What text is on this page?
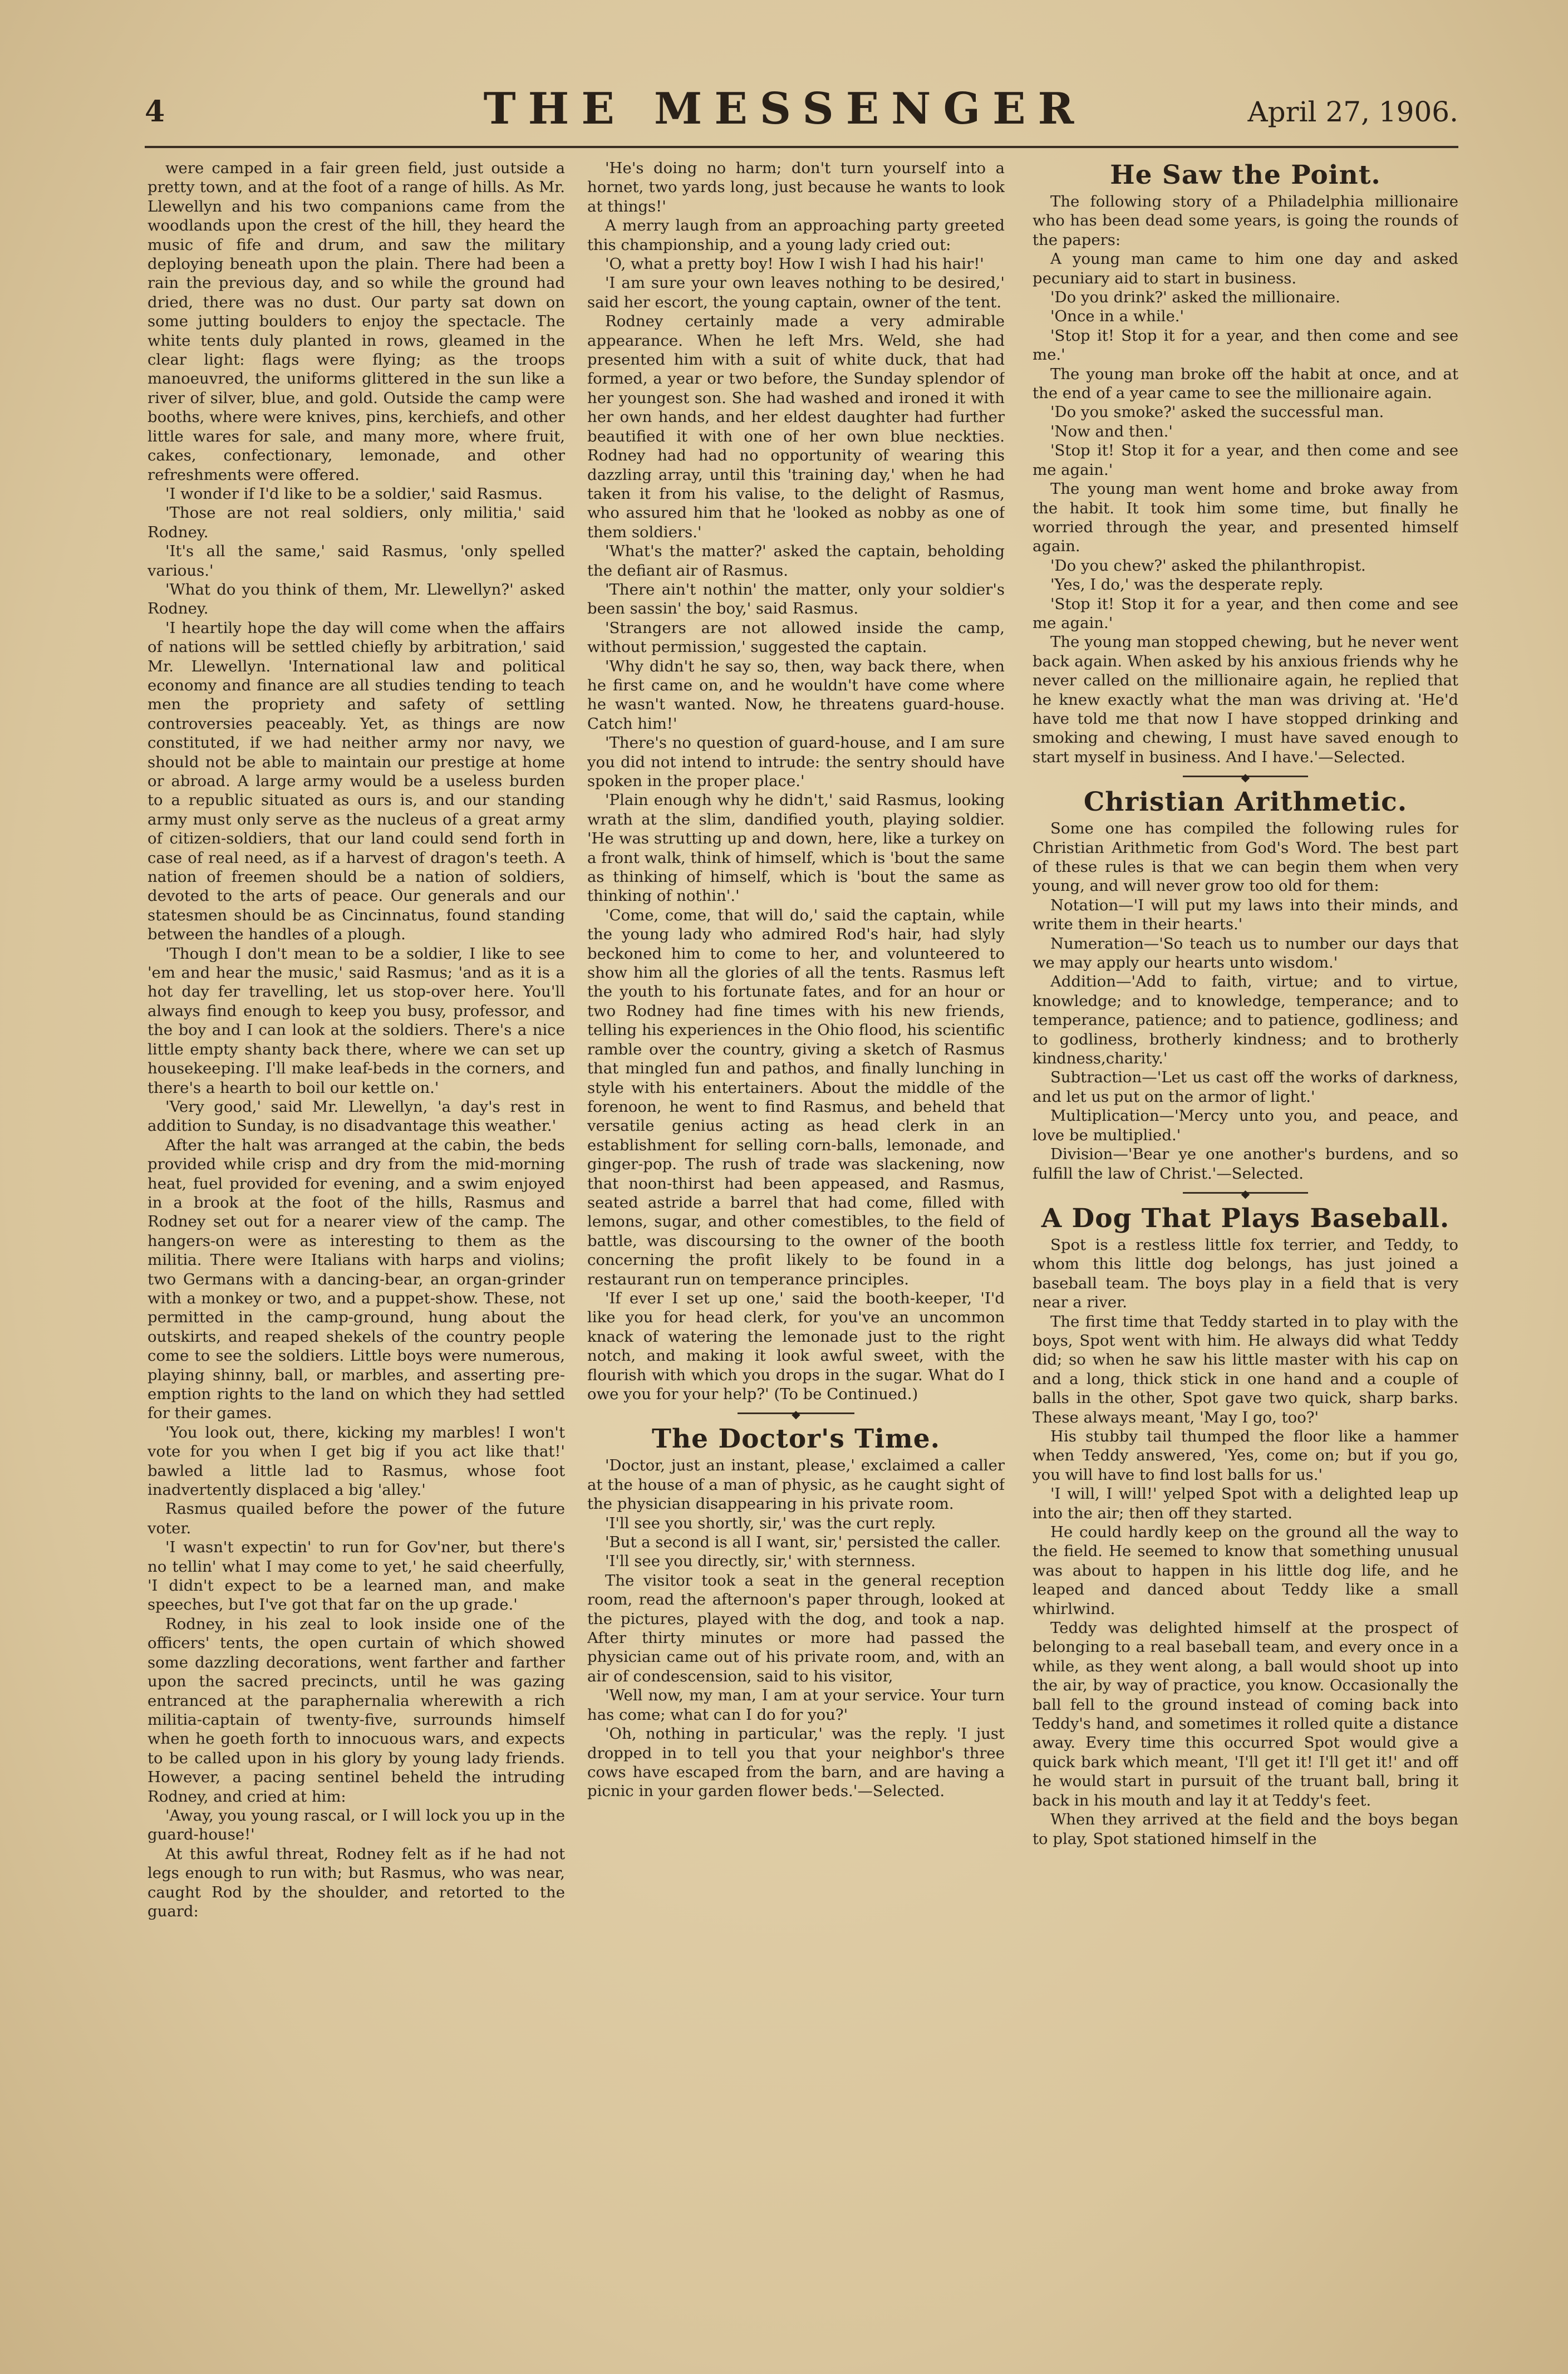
4	THE MESSENGER	April 27, 1906.

were camped in a fair green field, just outside a pretty town, and at the foot of a range of hills. As Mr. Llewellyn and his two companions came from the woodlands upon the crest of the hill, they heard the music of fife and drum, and saw the military deploying beneath upon the plain. There had been a rain the previous day, and so while the ground had dried, there was no dust. Our party sat down on some jutting boulders to enjoy the spectacle. The white tents duly planted in rows, gleamed in the clear light: flags were flying; as the troops manoeuvred, the uniforms glittered in the sun like a river of silver, blue, and gold. Outside the camp were booths, where were knives, pins, kerchiefs, and other little wares for sale, and many more, where fruit, cakes, confectionary, lemonade, and other refreshments were offered.

'I wonder if I'd like to be a soldier,' said Rasmus.

'Those are not real soldiers, only militia,' said Rodney.

'It's all the same,' said Rasmus, 'only spelled various.'

'What do you think of them, Mr. Llewellyn?' asked Rodney.

'I heartily hope the day will come when the affairs of nations will be settled chiefly by arbitration,' said Mr. Llewellyn. 'International law and political economy and finance are all studies tending to teach men the propriety and safety of settling controversies peaceably. Yet, as things are now constituted, if we had neither army nor navy, we should not be able to maintain our prestige at home or abroad. A large army would be a useless burden to a republic situated as ours is, and our standing army must only serve as the nucleus of a great army of citizen-soldiers, that our land could send forth in case of real need, as if a harvest of dragon's teeth. A nation of freemen should be a nation of soldiers, devoted to the arts of peace. Our generals and our statesmen should be as Cincinnatus, found standing between the handles of a plough.

'Though I don't mean to be a soldier, I like to see 'em and hear the music,' said Rasmus; 'and as it is a hot day fer travelling, let us stop-over here. You'll always find enough to keep you busy, professor, and the boy and I can look at the soldiers. There's a nice little empty shanty back there, where we can set up housekeeping. I'll make leaf-beds in the corners, and there's a hearth to boil our kettle on.'

'Very good,' said Mr. Llewellyn, 'a day's rest in addition to Sunday, is no disadvantage this weather.'

After the halt was arranged at the cabin, the beds provided while crisp and dry from the mid-morning heat, fuel provided for evening, and a swim enjoyed in a brook at the foot of the hills, Rasmus and Rodney set out for a nearer view of the camp. The hangers-on were as interesting to them as the militia. There were Italians with harps and violins; two Germans with a dancing-bear, an organ-grinder with a monkey or two, and a puppet-show. These, not permitted in the camp-ground, hung about the outskirts, and reaped shekels of the country people come to see the soldiers. Little boys were numerous, playing shinny, ball, or marbles, and asserting pre-emption rights to the land on which they had settled for their games.

'You look out, there, kicking my marbles! I won't vote for you when I get big if you act like that!' bawled a little lad to Rasmus, whose foot inadvertently displaced a big 'alley.'

Rasmus quailed before the power of the future voter.

'I wasn't expectin' to run for Gov'ner, but there's no tellin' what I may come to yet,' he said cheerfully, 'I didn't expect to be a learned man, and make speeches, but I've got that far on the up grade.'

Rodney, in his zeal to look inside one of the officers' tents, the open curtain of which showed some dazzling decorations, went farther and farther upon the sacred precincts, until he was gazing entranced at the paraphernalia wherewith a rich militia-captain of twenty-five, surrounds himself when he goeth forth to innocuous wars, and expects to be called upon in his glory by young lady friends. However, a pacing sentinel beheld the intruding Rodney, and cried at him:

'Away, you young rascal, or I will lock you up in the guard-house!'

At this awful threat, Rodney felt as if he had not legs enough to run with; but Rasmus, who was near, caught Rod by the shoulder, and retorted to the guard:

'He's doing no harm; don't turn yourself into a hornet, two yards long, just because he wants to look at things!'

A merry laugh from an approaching party greeted this championship, and a young lady cried out:

'O, what a pretty boy! How I wish I had his hair!'

'I am sure your own leaves nothing to be desired,' said her escort, the young captain, owner of the tent.

Rodney certainly made a very admirable appearance. When he left Mrs. Weld, she had presented him with a suit of white duck, that had formed, a year or two before, the Sunday splendor of her youngest son. She had washed and ironed it with her own hands, and her eldest daughter had further beautified it with one of her own blue neckties. Rodney had had no opportunity of wearing this dazzling array, until this 'training day,' when he had taken it from his valise, to the delight of Rasmus, who assured him that he 'looked as nobby as one of them soldiers.'

'What's the matter?' asked the captain, beholding the defiant air of Rasmus.

'There ain't nothin' the matter, only your soldier's been sassin' the boy,' said Rasmus.

'Strangers are not allowed inside the camp, without permission,' suggested the captain.

'Why didn't he say so, then, way back there, when he first came on, and he wouldn't have come where he wasn't wanted. Now, he threatens guard-house. Catch him!'

'There's no question of guard-house, and I am sure you did not intend to intrude: the sentry should have spoken in the proper place.'

'Plain enough why he didn't,' said Rasmus, looking wrath at the slim, dandified youth, playing soldier. 'He was strutting up and down, here, like a turkey on a front walk, think of himself, which is 'bout the same as thinking of himself, which is 'bout the same as thinking of nothin'.'

'Come, come, that will do,' said the captain, while the young lady who admired Rod's hair, had slyly beckoned him to come to her, and volunteered to show him all the glories of all the tents. Rasmus left the youth to his fortunate fates, and for an hour or two Rodney had fine times with his new friends, telling his experiences in the Ohio flood, his scientific ramble over the country, giving a sketch of Rasmus that mingled fun and pathos, and finally lunching in style with his entertainers. About the middle of the forenoon, he went to find Rasmus, and beheld that versatile genius acting as head clerk in an establishment for selling corn-balls, lemonade, and ginger-pop. The rush of trade was slackening, now that noon-thirst had been appeased, and Rasmus, seated astride a barrel that had come, filled with lemons, sugar, and other comestibles, to the field of battle, was discoursing to the owner of the booth concerning the profit likely to be found in a restaurant run on temperance principles.

'If ever I set up one,' said the booth-keeper, 'I'd like you for head clerk, for you've an uncommon knack of watering the lemonade just to the right notch, and making it look awful sweet, with the flourish with which you drops in the sugar. What do I owe you for your help?' (To be Continued.)

◆
The Doctor's Time.

'Doctor, just an instant, please,' exclaimed a caller at the house of a man of physic, as he caught sight of the physician disappearing in his private room.

'I'll see you shortly, sir,' was the curt reply.

'But a second is all I want, sir,' persisted the caller.

'I'll see you directly, sir,' with sternness.

The visitor took a seat in the general reception room, read the afternoon's paper through, looked at the pictures, played with the dog, and took a nap. After thirty minutes or more had passed the physician came out of his private room, and, with an air of condescension, said to his visitor,

'Well now, my man, I am at your service. Your turn has come; what can I do for you?'

'Oh, nothing in particular,' was the reply. 'I just dropped in to tell you that your neighbor's three cows have escaped from the barn, and are having a picnic in your garden flower beds.'—Selected.

He Saw the Point.

The following story of a Philadelphia millionaire who has been dead some years, is going the rounds of the papers:

A young man came to him one day and asked pecuniary aid to start in business.

'Do you drink?' asked the millionaire.

'Once in a while.'

'Stop it! Stop it for a year, and then come and see me.'

The young man broke off the habit at once, and at the end of a year came to see the millionaire again.

'Do you smoke?' asked the successful man.

'Now and then.'

'Stop it! Stop it for a year, and then come and see me again.'

The young man went home and broke away from the habit. It took him some time, but finally he worried through the year, and presented himself again.

'Do you chew?' asked the philanthropist.

'Yes, I do,' was the desperate reply.

'Stop it! Stop it for a year, and then come and see me again.'

The young man stopped chewing, but he never went back again. When asked by his anxious friends why he never called on the millionaire again, he replied that he knew exactly what the man was driving at. 'He'd have told me that now I have stopped drinking and smoking and chewing, I must have saved enough to start myself in business. And I have.'—Selected.

◆
Christian Arithmetic.

Some one has compiled the following rules for Christian Arithmetic from God's Word. The best part of these rules is that we can begin them when very young, and will never grow too old for them:

Notation—'I will put my laws into their minds, and write them in their hearts.'

Numeration—'So teach us to number our days that we may apply our hearts unto wisdom.'

Addition—'Add to faith, virtue; and to virtue, knowledge; and to knowledge, temperance; and to temperance, patience; and to patience, godliness; and to godliness, brotherly kindness; and to brotherly kindness,charity.'

Subtraction—'Let us cast off the works of darkness, and let us put on the armor of light.'

Multiplication—'Mercy unto you, and peace, and love be multiplied.'

Division—'Bear ye one another's burdens, and so fulfill the law of Christ.'—Selected.

◆
A Dog That Plays Baseball.

Spot is a restless little fox terrier, and Teddy, to whom this little dog belongs, has just joined a baseball team. The boys play in a field that is very near a river.

The first time that Teddy started in to play with the boys, Spot went with him. He always did what Teddy did; so when he saw his little master with his cap on and a long, thick stick in one hand and a couple of balls in the other, Spot gave two quick, sharp barks. These always meant, 'May I go, too?'

His stubby tail thumped the floor like a hammer when Teddy answered, 'Yes, come on; but if you go, you will have to find lost balls for us.'

'I will, I will!' yelped Spot with a delighted leap up into the air; then off they started.

He could hardly keep on the ground all the way to the field. He seemed to know that something unusual was about to happen in his little dog life, and he leaped and danced about Teddy like a small whirlwind.

Teddy was delighted himself at the prospect of belonging to a real baseball team, and every once in a while, as they went along, a ball would shoot up into the air, by way of practice, you know. Occasionally the ball fell to the ground instead of coming back into Teddy's hand, and sometimes it rolled quite a distance away. Every time this occurred Spot would give a quick bark which meant, 'I'll get it! I'll get it!' and off he would start in pursuit of the truant ball, bring it back in his mouth and lay it at Teddy's feet.

When they arrived at the field and the boys began to play, Spot stationed himself in the
